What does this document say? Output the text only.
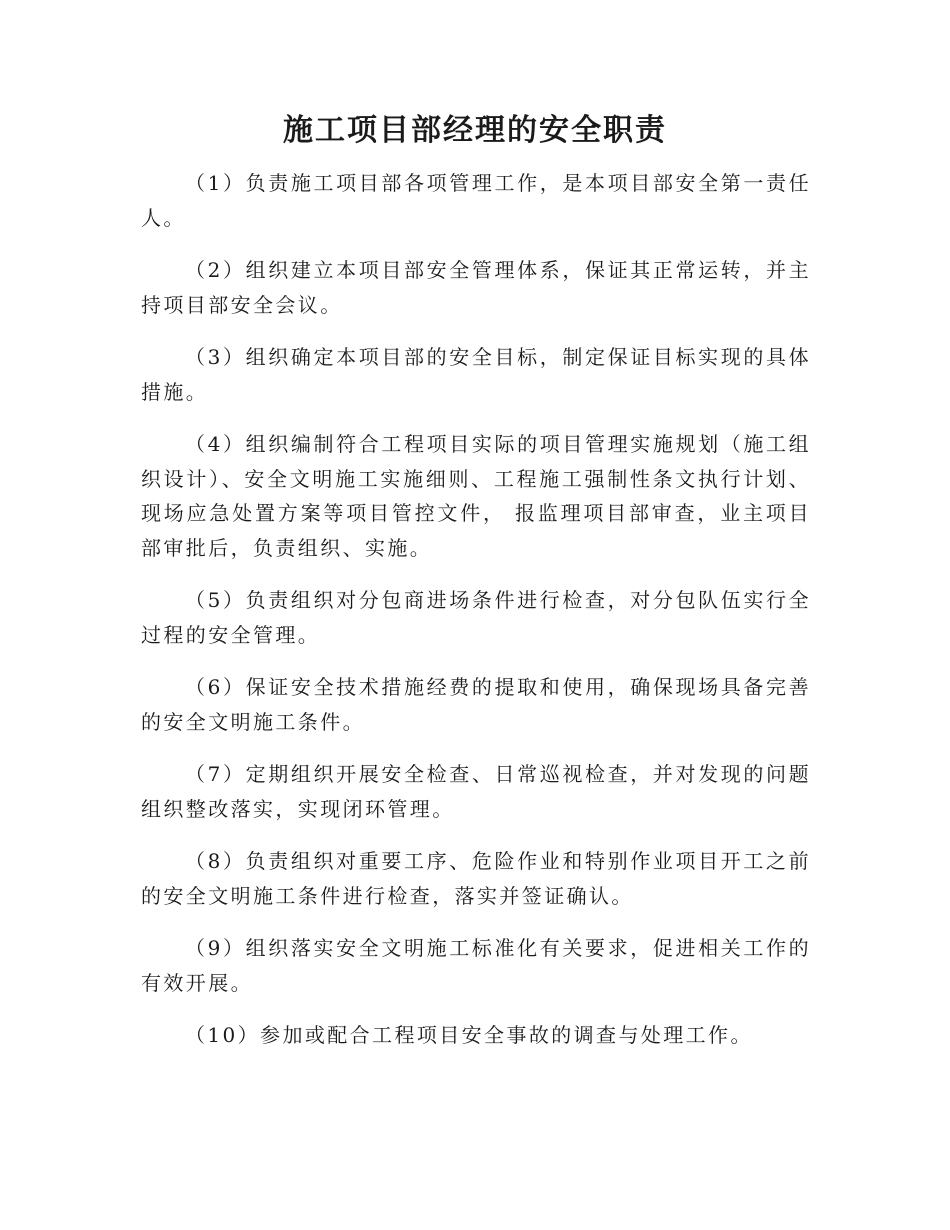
施工项目部经理的安全职责

（1）负责施工项目部各项管理工作，是本项目部安全第一责任人。

（2）组织建立本项目部安全管理体系，保证其正常运转，并主持项目部安全会议。

（3）组织确定本项目部的安全目标，制定保证目标实现的具体措施。

（4）组织编制符合工程项目实际的项目管理实施规划（施工组织设计）、安全文明施工实施细则、工程施工强制性条文执行计划、现场应急处置方案等项目管控文件， 报监理项目部审查，业主项目部审批后，负责组织、实施。

（5）负责组织对分包商进场条件进行检查，对分包队伍实行全过程的安全管理。

（6）保证安全技术措施经费的提取和使用，确保现场具备完善的安全文明施工条件。

（7）定期组织开展安全检查、日常巡视检查，并对发现的问题组织整改落实，实现闭环管理。

（8）负责组织对重要工序、危险作业和特别作业项目开工之前的安全文明施工条件进行检查，落实并签证确认。

（9）组织落实安全文明施工标准化有关要求，促进相关工作的有效开展。

（10）参加或配合工程项目安全事故的调查与处理工作。
